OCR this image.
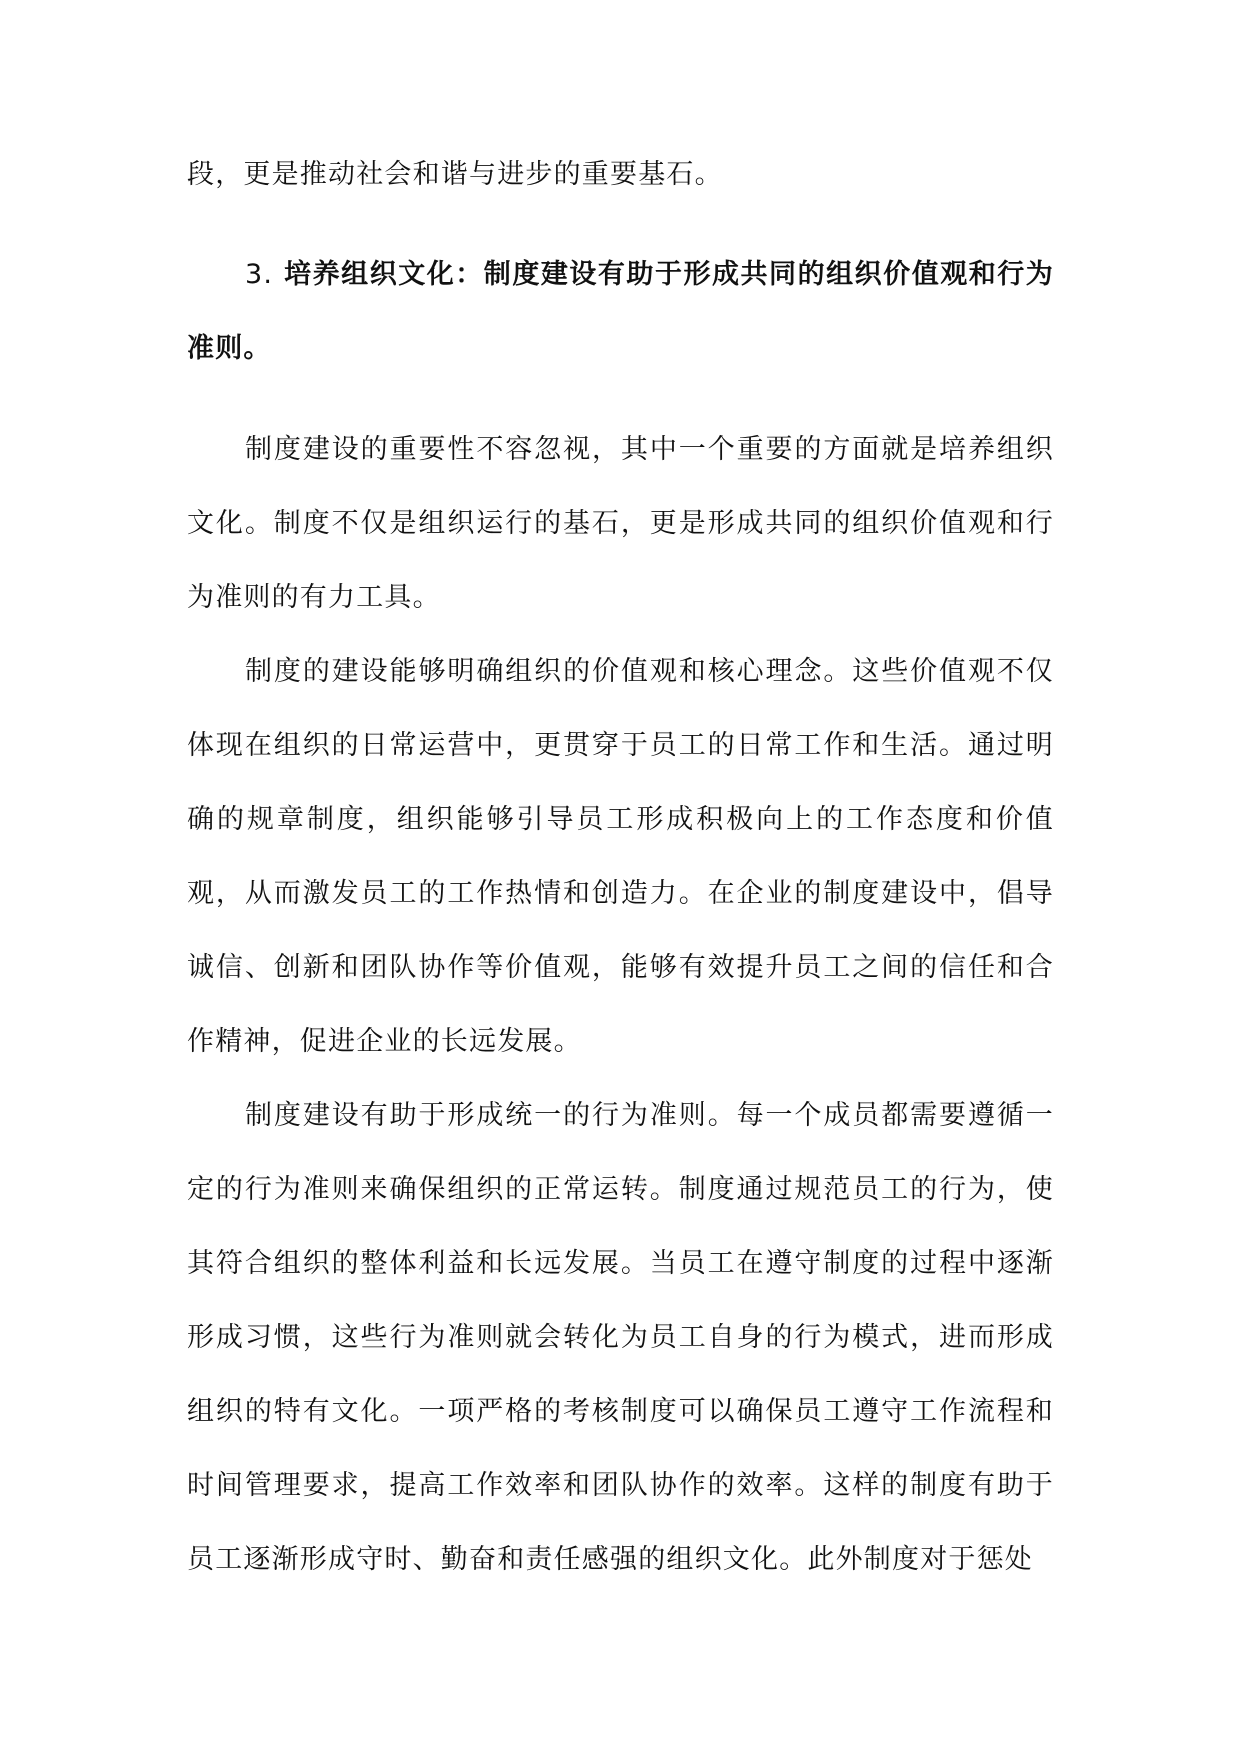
段，更是推动社会和谐与进步的重要基石。

3. 培养组织文化：制度建设有助于形成共同的组织价值观和行为准则。

制度建设的重要性不容忽视，其中一个重要的方面就是培养组织文化。制度不仅是组织运行的基石，更是形成共同的组织价值观和行为准则的有力工具。

制度的建设能够明确组织的价值观和核心理念。这些价值观不仅体现在组织的日常运营中，更贯穿于员工的日常工作和生活。通过明确的规章制度，组织能够引导员工形成积极向上的工作态度和价值观，从而激发员工的工作热情和创造力。在企业的制度建设中，倡导诚信、创新和团队协作等价值观，能够有效提升员工之间的信任和合作精神，促进企业的长远发展。

制度建设有助于形成统一的行为准则。每一个成员都需要遵循一定的行为准则来确保组织的正常运转。制度通过规范员工的行为，使其符合组织的整体利益和长远发展。当员工在遵守制度的过程中逐渐形成习惯，这些行为准则就会转化为员工自身的行为模式，进而形成组织的特有文化。一项严格的考核制度可以确保员工遵守工作流程和时间管理要求，提高工作效率和团队协作的效率。这样的制度有助于员工逐渐形成守时、勤奋和责任感强的组织文化。此外制度对于惩处
